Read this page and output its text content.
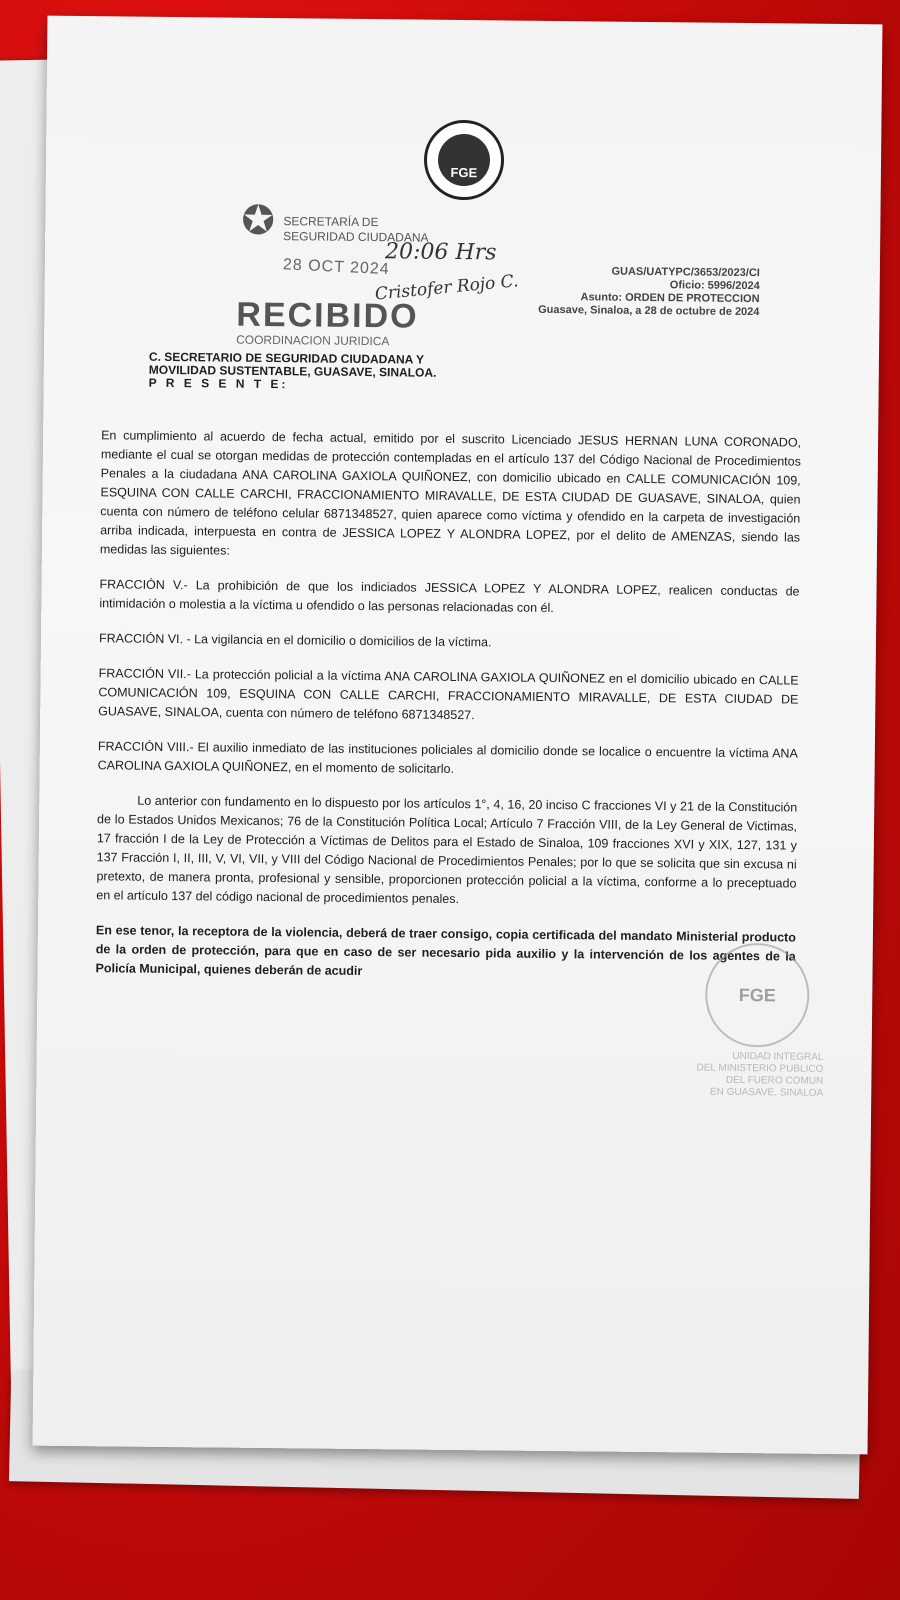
FGE
✪ SECRETARÍA DE
SEGURIDAD CIUDADANA
28 OCT 2024
20:06 Hrs
Cristofer Rojo C.
RECIBIDO
COORDINACION JURIDICA
GUAS/UATYPC/3653/2023/CI
Oficio: 5996/2024
Asunto: ORDEN DE PROTECCION
Guasave, Sinaloa, a 28 de octubre de 2024
C. SECRETARIO DE SEGURIDAD CIUDADANA Y
MOVILIDAD SUSTENTABLE, GUASAVE, SINALOA.
P R E S E N T E:

En cumplimiento al acuerdo de fecha actual, emitido por el suscrito Licenciado JESUS HERNAN LUNA CORONADO, mediante el cual se otorgan medidas de protección contempladas en el artículo 137 del Código Nacional de Procedimientos Penales a la ciudadana ANA CAROLINA GAXIOLA QUIÑONEZ, con domicilio ubicado en CALLE COMUNICACIÓN 109, ESQUINA CON CALLE CARCHI, FRACCIONAMIENTO MIRAVALLE, DE ESTA CIUDAD DE GUASAVE, SINALOA, quien cuenta con número de teléfono celular 6871348527, quien aparece como víctima y ofendido en la carpeta de investigación arriba indicada, interpuesta en contra de JESSICA LOPEZ Y ALONDRA LOPEZ, por el delito de AMENZAS, siendo las medidas las siguientes:

FRACCIÓN V.- La prohibición de que los indiciados JESSICA LOPEZ Y ALONDRA LOPEZ, realicen conductas de intimidación o molestia a la víctima u ofendido o las personas relacionadas con él.

FRACCIÓN VI. - La vigilancia en el domicilio o domicilios de la víctima.

FRACCIÓN VII.- La protección policial a la víctima ANA CAROLINA GAXIOLA QUIÑONEZ en el domicilio ubicado en CALLE COMUNICACIÓN 109, ESQUINA CON CALLE CARCHI, FRACCIONAMIENTO MIRAVALLE, DE ESTA CIUDAD DE GUASAVE, SINALOA, cuenta con número de teléfono 6871348527.

FRACCIÓN VIII.- El auxilio inmediato de las instituciones policiales al domicilio donde se localice o encuentre la víctima ANA CAROLINA GAXIOLA QUIÑONEZ, en el momento de solicitarlo.

Lo anterior con fundamento en lo dispuesto por los artículos 1°, 4, 16, 20 inciso C fracciones VI y 21 de la Constitución de lo Estados Unidos Mexicanos; 76 de la Constitución Política Local; Artículo 7 Fracción VIII, de la Ley General de Victimas, 17 fracción I de la Ley de Protección a Víctimas de Delitos para el Estado de Sinaloa, 109 fracciones XVI y XIX, 127, 131 y 137 Fracción I, II, III, V, VI, VII, y VIII del Código Nacional de Procedimientos Penales; por lo que se solicita que sin excusa ni pretexto, de manera pronta, profesional y sensible, proporcionen protección policial a la víctima, conforme a lo preceptuado en el artículo 137 del código nacional de procedimientos penales.

En ese tenor, la receptora de la violencia, deberá de traer consigo, copia certificada del mandato Ministerial producto de la orden de protección, para que en caso de ser necesario pida auxilio y la intervención de los agentes de la Policía Municipal, quienes deberán de acudir

FGE
UNIDAD INTEGRAL
DEL MINISTERIO PUBLICO
DEL FUERO COMUN
EN GUASAVE, SINALOA
